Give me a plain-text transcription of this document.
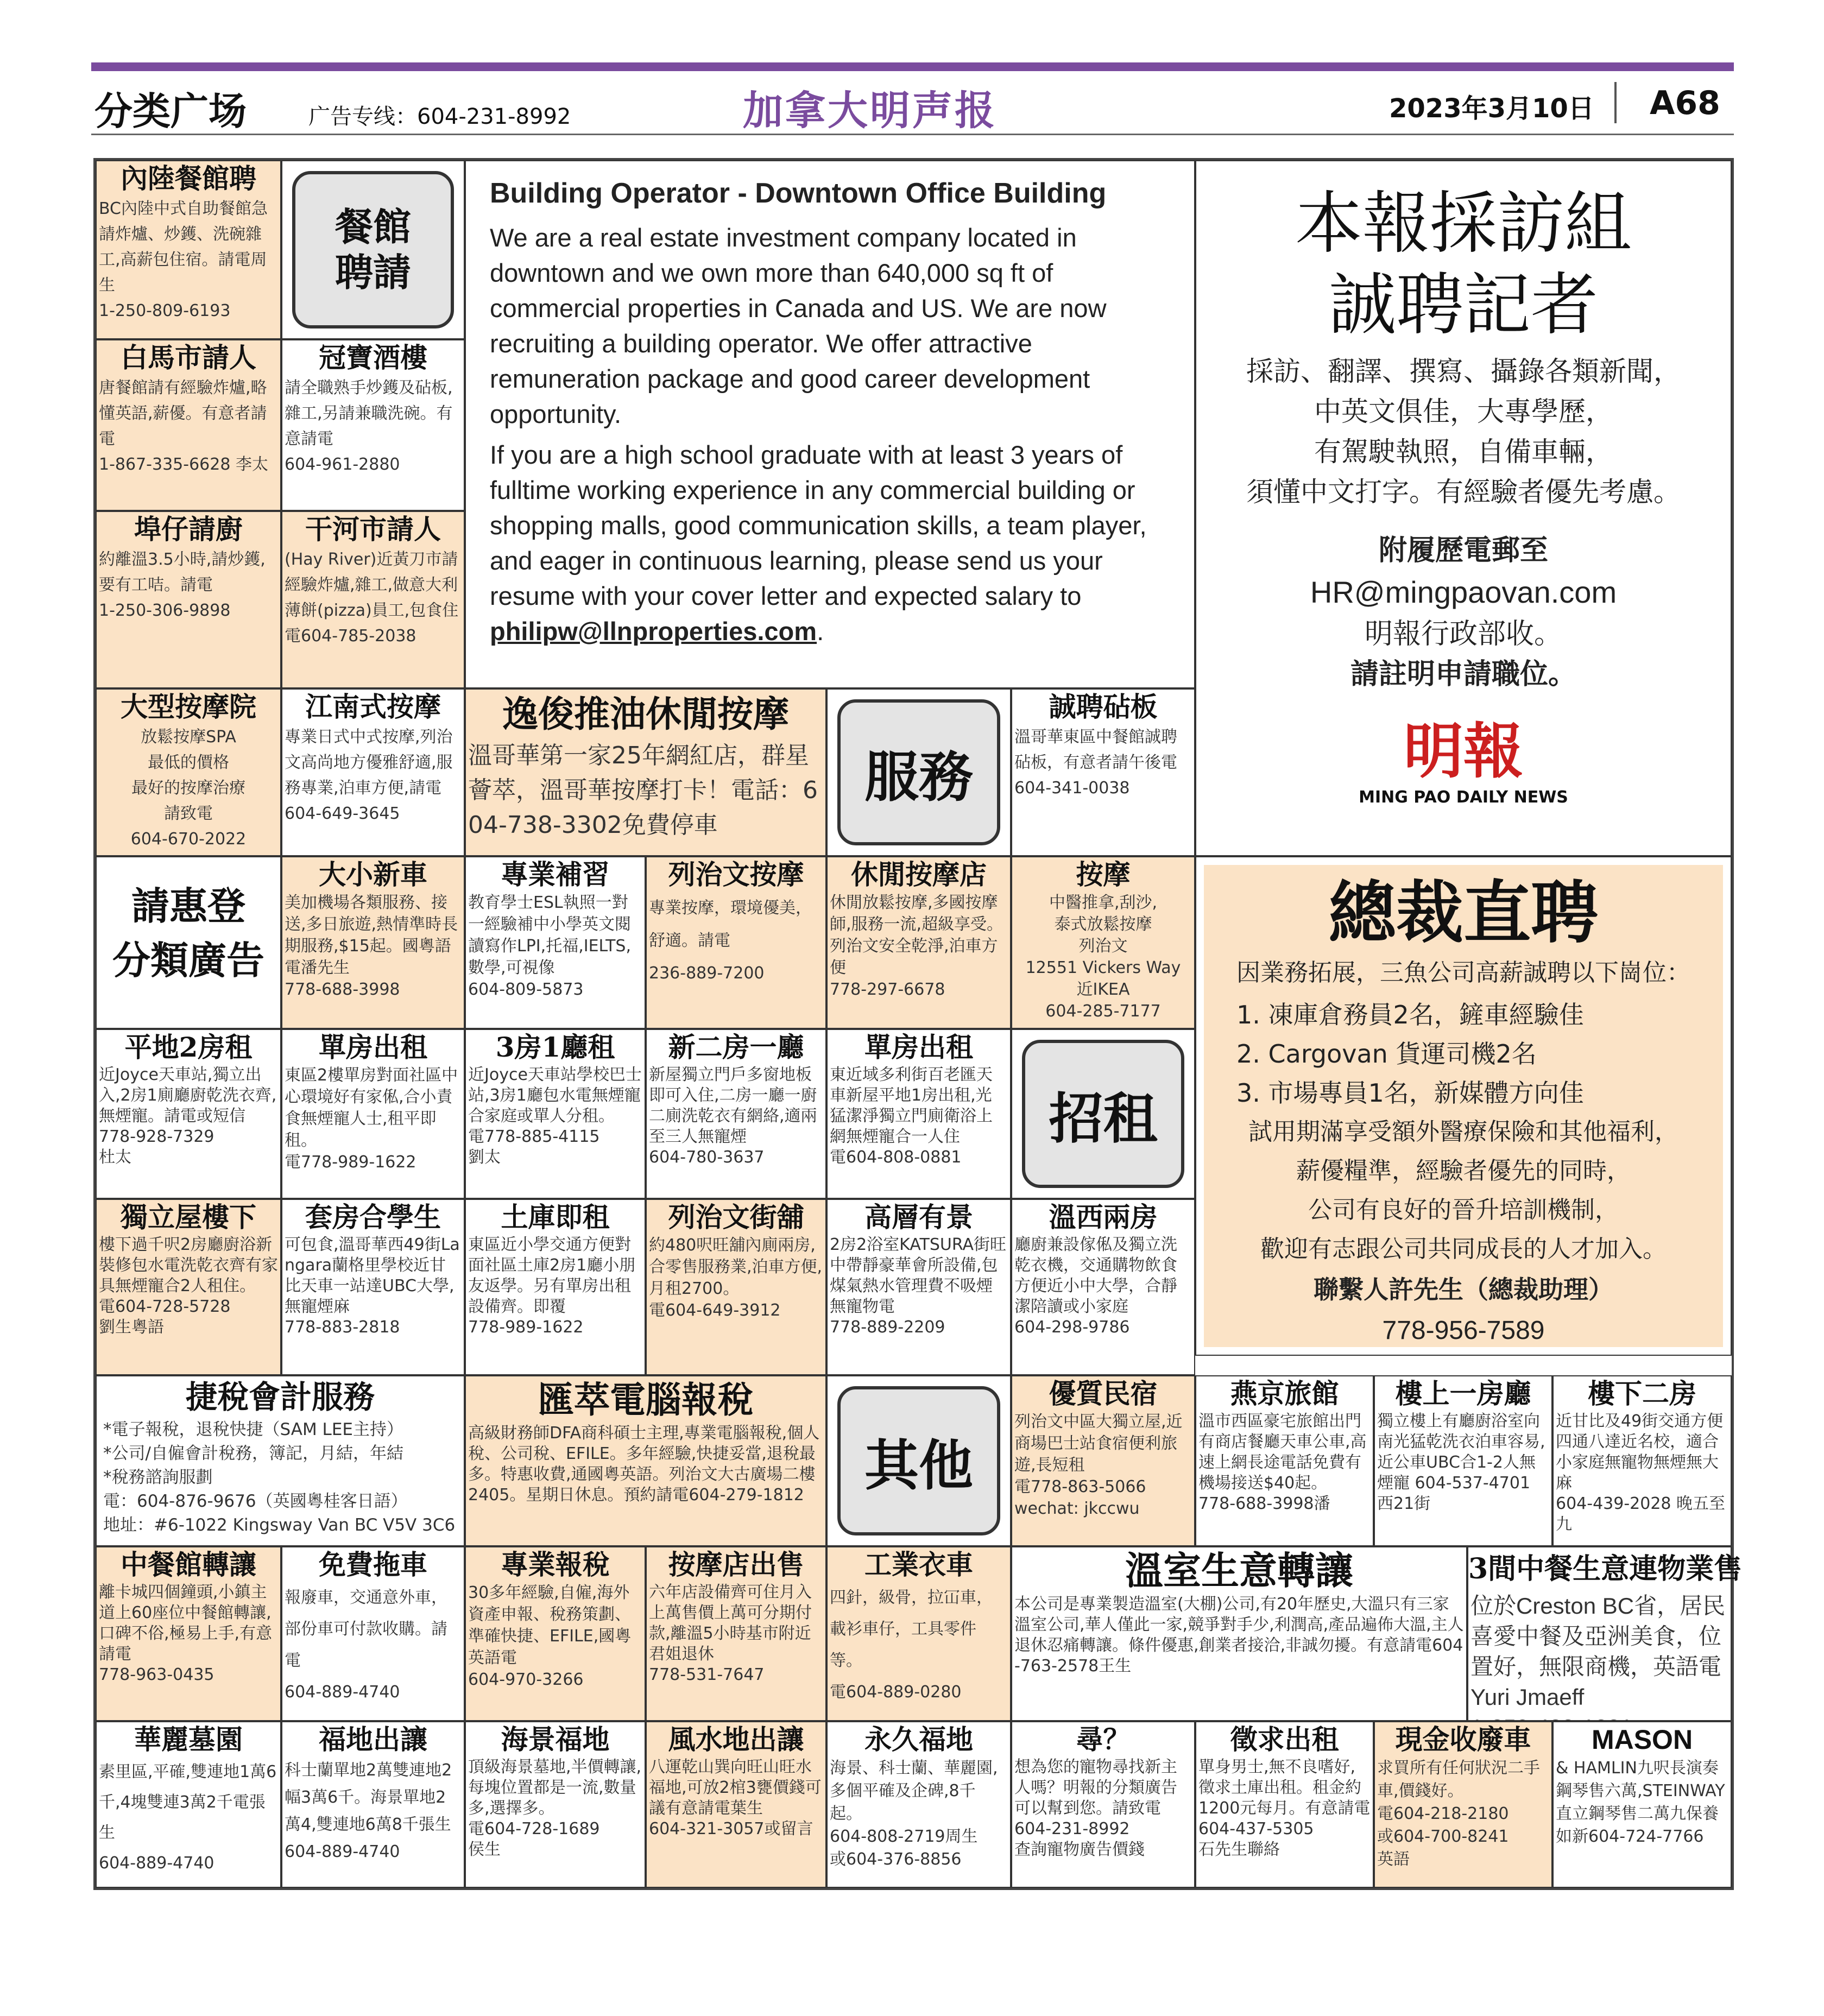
分类广场	广告专线：604-231-8992	加拿大明声报	2023年3月10日 A68
內陸餐館聘
BC內陸中式自助餐館急請炸爐、炒鑊、洗碗雜工,高薪包住宿。請電周生
1-250-809-6193
餐館聘請
白馬市請人
唐餐館請有經驗炸爐,略懂英語,薪優。有意者請電
1-867-335-6628 李太
冠寶酒樓
請全職熟手炒鑊及砧板,雜工,另請兼職洗碗。有意請電
604-961-2880
埠仔請廚
約離溫3.5小時,請炒鑊,要有工咭。請電
1-250-306-9898
干河市請人
(Hay River)近黃刀市請經驗炸爐,雜工,做意大利薄餅(pizza)員工,包食住
電604-785-2038
Building Operator - Downtown Office Building
We are a real estate investment company located in downtown and we own more than 640,000 sq ft of commercial properties in Canada and US. We are now recruiting a building operator. We offer attractive remuneration package and good career development opportunity.
If you are a high school graduate with at least 3 years of fulltime working experience in any commercial building or shopping malls, good communication skills, a team player, and eager in continuous learning, please send us your resume with your cover letter and expected salary to philipw@llnproperties.com.
本報採訪組
誠聘記者
採訪、翻譯、撰寫、攝錄各類新聞，
中英文俱佳，大專學歷，
有駕駛執照，自備車輛，
須懂中文打字。有經驗者優先考慮。
附履歷電郵至
HR@mingpaovan.com
明報行政部收。
請註明申請職位。
明報
MING PAO DAILY NEWS
大型按摩院
放鬆按摩SPA
最低的價格
最好的按摩治療
請致電
604-670-2022
江南式按摩
專業日式中式按摩,列治文高尚地方優雅舒適,服務專業,泊車方便,請電
604-649-3645
逸俊推油休閒按摩
溫哥華第一家25年網紅店，群星薈萃，溫哥華按摩打卡！電話：604-738-3302免費停車
服務
誠聘砧板
溫哥華東區中餐館誠聘砧板，有意者請午後電
604-341-0038
請惠登
分類廣告
大小新車
美加機場各類服務、接送,多日旅遊,熱情準時長期服務,$15起。國粵語電潘先生
778-688-3998
專業補習
教育學士ESL執照一對一經驗補中小學英文閱讀寫作LPI,托福,IELTS,數學,可視像
604-809-5873
列治文按摩
專業按摩，環境優美，舒適。請電
236-889-7200
休閒按摩店
休閒放鬆按摩,多國按摩師,服務一流,超級享受。列治文安全乾淨,泊車方便
778-297-6678
按摩
中醫推拿,刮沙,
泰式放鬆按摩
列治文
12551 Vickers Way
近IKEA
604-285-7177
總裁直聘
因業務拓展，三魚公司高薪誠聘以下崗位：
1. 凍庫倉務員2名，鏟車經驗佳
2. Cargovan 貨運司機2名
3. 市場專員1名，新媒體方向佳
試用期滿享受額外醫療保險和其他福利，
薪優糧準，經驗者優先的同時，
公司有良好的晉升培訓機制，
歡迎有志跟公司共同成長的人才加入。
聯繫人許先生（總裁助理）
778-956-7589
平地2房租
近Joyce天車站,獨立出入,2房1廁廳廚乾洗衣齊,無煙寵。請電或短信
778-928-7329
杜太
單房出租
東區2樓單房對面社區中心環境好有家俬,合小責食無煙寵人士,租平即租。
電778-989-1622
3房1廳租
近Joyce天車站學校巴士站,3房1廳包水電無煙寵合家庭或單人分租。
電778-885-4115
劉太
新二房一廳
新屋獨立門戶多窗地板即可入住,二房一廳一廚二廁洗乾衣有網絡,適兩至三人無寵煙
604-780-3637
單房出租
東近域多利街百老匯天車新屋平地1房出租,光猛潔淨獨立門廁衛浴上網無煙寵合一人住
電604-808-0881
招租
獨立屋樓下
樓下過千呎2房廳廚浴新裝修包水電洗乾衣齊有家具無煙寵合2人租住。
電604-728-5728
劉生粵語
套房合學生
可包食,溫哥華西49街Langara蘭格里學校近甘比天車一站達UBC大學,無寵煙麻
778-883-2818
土庫即租
東區近小學交通方便對面社區土庫2房1廳小朋友返學。另有單房出租設備齊。即覆
778-989-1622
列治文街舖
約480呎旺舖內廁兩房,合零售服務業,泊車方便,月租2700。
電604-649-3912
高層有景
2房2浴室KATSURA街旺中帶靜豪華會所設備,包煤氣熱水管理費不吸煙無寵物電
778-889-2209
溫西兩房
廳廚兼設傢俬及獨立洗乾衣機，交通購物飲食方便近小中大學，合靜潔陪讀或小家庭
604-298-9786
捷稅會計服務
*電子報稅，退稅快捷（SAM LEE主持）
*公司/自僱會計稅務，簿記，月結，年結
*稅務諮詢服劃
電：604-876-9676（英國粵桂客日語）
地址：#6-1022 Kingsway Van BC V5V 3C6
匯萃電腦報稅
高級財務師DFA商科碩士主理,專業電腦報稅,個人稅、公司稅、EFILE。多年經驗,快捷妥當,退稅最多。特惠收費,通國粵英語。列治文大古廣場二樓2405。星期日休息。預約請電604-279-1812	其他
優質民宿
列治文中區大獨立屋,近商場巴士站食宿便利旅遊,長短租
電778-863-5066
wechat: jkccwu
燕京旅館
溫市西區豪宅旅館出門有商店餐廳天車公車,高速上網長途電話免費有機場接送$40起。
778-688-3998潘
樓上一房廳
獨立樓上有廳廚浴室向南光猛乾洗衣泊車容易,近公車UBC合1-2人無煙寵 604-537-4701 西21街
樓下二房
近甘比及49街交通方便四通八達近名校，適合小家庭無寵物無煙無大麻
604-439-2028 晚五至九
中餐館轉讓
離卡城四個鐘頭,小鎮主道上60座位中餐館轉讓,口碑不俗,極易上手,有意請電
778-963-0435
免費拖車
報廢車，交通意外車，部份車可付款收購。請電
604-889-4740
專業報稅
30多年經驗,自僱,海外資產申報、稅務策劃、準確快捷、EFILE,國粵英語電
604-970-3266
按摩店出售
六年店設備齊可住月入上萬售價上萬可分期付款,離溫5小時基市附近君姐退休
778-531-7647
工業衣車
四針，級骨，拉冚車，載衫車仔，工具零件等。
電604-889-0280
溫室生意轉讓
本公司是專業製造溫室(大棚)公司,有20年歷史,大溫只有三家溫室公司,華人僅此一家,競爭對手少,利潤高,產品遍佈大溫,主人退休忍痛轉讓。條件優惠,創業者接洽,非誠勿擾。有意請電604-763-2578王生
3間中餐生意連物業售
位於Creston BC省，居民喜愛中餐及亞洲美食，位置好，無限商機，英語電Yuri Jmaeff

華麗墓園
素里區,平確,雙連地1萬6千,4塊雙連3萬2千電張生
604-889-4740
福地出讓
科士蘭單地2萬雙連地2幅3萬6千。海景單地2萬4,雙連地6萬8千張生
604-889-4740
海景福地
頂級海景墓地,半價轉讓,每塊位置都是一流,數量多,選擇多。
電604-728-1689
侯生
風水地出讓
八運乾山巽向旺山旺水福地,可放2棺3甕價錢可議有意請電葉生
604-321-3057或留言
永久福地
海景、科士蘭、華麗園,多個平確及企碑,8千起。
604-808-2719周生
或604-376-8856
尋？
想為您的寵物尋找新主人嗎？明報的分類廣告可以幫到您。請致電
604-231-8992
查詢寵物廣告價錢
徵求出租
單身男士,無不良嗜好,徵求土庫出租。租金約1200元每月。有意請電
604-437-5305
石先生聯絡
現金收廢車
求買所有任何狀況二手車,價錢好。
電604-218-2180
或604-700-8241
英語
MASON
& HAMLIN九呎長演奏鋼琴售六萬,STEINWAY直立鋼琴售二萬九保養如新604-724-7766
